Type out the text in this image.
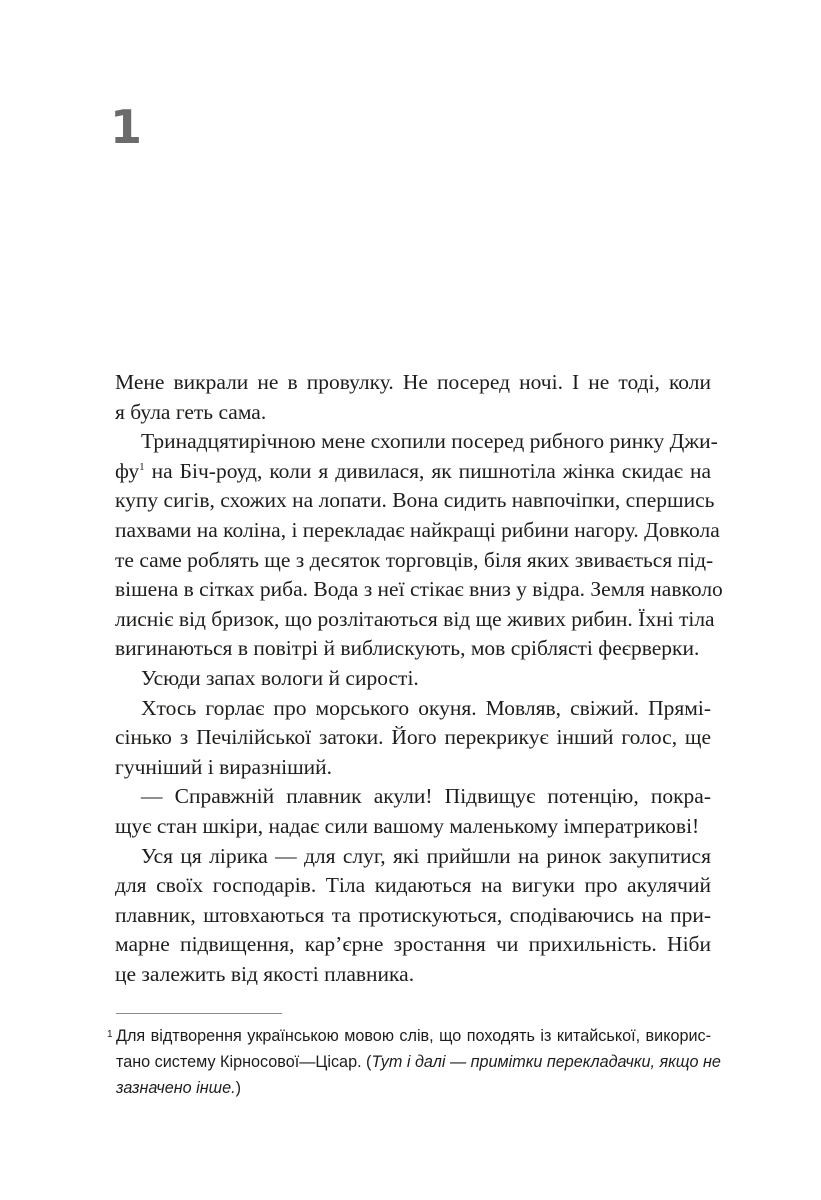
1
Мене викрали не в провулку. Не посеред ночі. І не тоді, коли
я була геть сама.
Тринадцятирічною мене схопили посеред рибного ринку Джи-
фу$^1$ на Біч-роуд, коли я дивилася, як пишнотіла жінка скидає на
купу сигів, схожих на лопати. Вона сидить навпочіпки, спершись
пахвами на коліна, і перекладає найкращі рибини нагору. Довкола
те саме роблять ще з десяток торговців, біля яких звивається під-
вішена в сітках риба. Вода з неї стікає вниз у відра. Земля навколо
лисніє від бризок, що розлітаються від ще живих рибин. Їхні тіла
вигинаються в повітрі й виблискують, мов сріблясті феєрверки.
Усюди запах вологи й сирості.
Хтось горлає про морського окуня. Мовляв, свіжий. Прямі-
сінько з Печілійської затоки. Його перекрикує інший голос, ще
гучніший і виразніший.
— Справжній плавник акули! Підвищує потенцію, покра-
щує стан шкіри, надає сили вашому маленькому імператрикові!
Уся ця лірика — для слуг, які прийшли на ринок закупитися
для своїх господарів. Тіла кидаються на вигуки про акулячий
плавник, штовхаються та протискуються, сподіваючись на при-
марне підвищення, кар’єрне зростання чи прихильність. Ніби
це залежить від якості плавника.
1 Для відтворення українською мовою слів, що походять із китайської, викорис-
тано систему Кірносової—Цісар. (Тут і далі — примітки перекладачки, якщо не
зазначено інше.)
